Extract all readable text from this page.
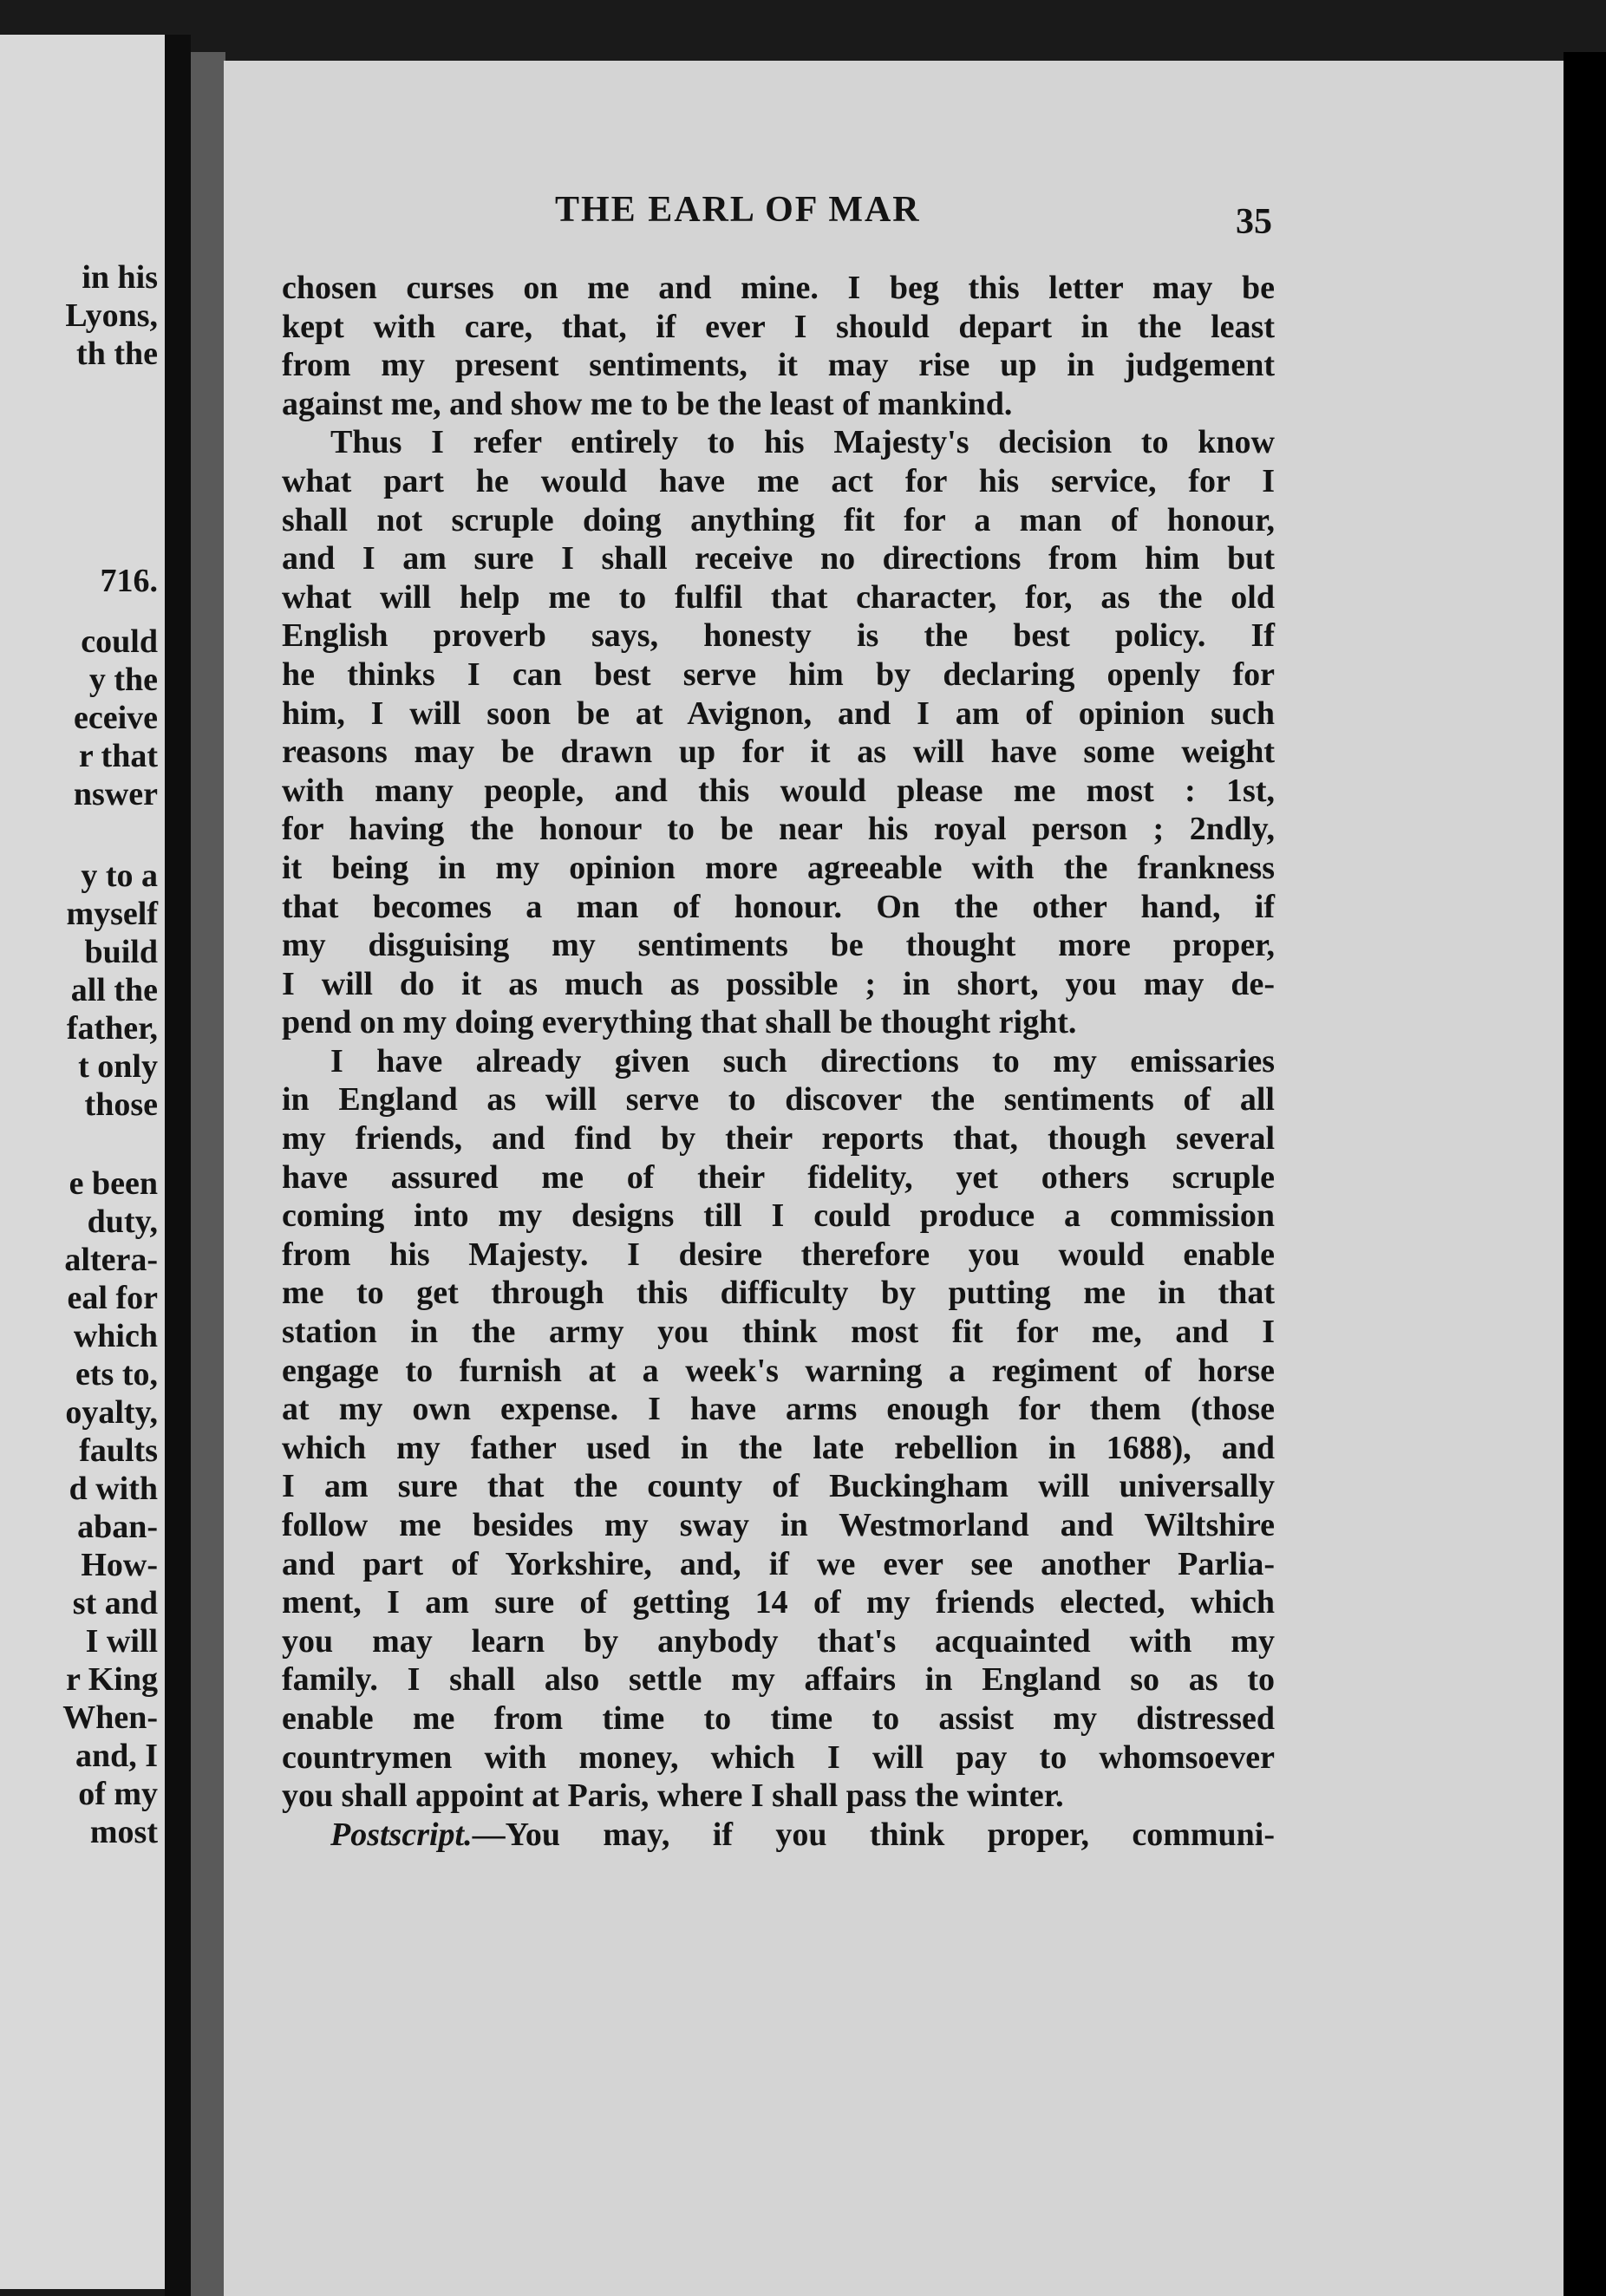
in his
Lyons,
th the
716.
could
y the
eceive
r that
nswer
y to a
myself
build
all the
father,
t only
those
e been
duty,
altera-
eal for
which
ets to,
oyalty,
faults
d with
aban-
How-
st and
I will
r King
When-
and, I
of my
most
THE EARL OF MAR	35
chosen curses on me and mine. I beg this letter may be
kept with care, that, if ever I should depart in the least
from my present sentiments, it may rise up in judgement
against me, and show me to be the least of mankind.
Thus I refer entirely to his Majesty's decision to know
what part he would have me act for his service, for I
shall not scruple doing anything fit for a man of honour,
and I am sure I shall receive no directions from him but
what will help me to fulfil that character, for, as the old
English proverb says, honesty is the best policy. If
he thinks I can best serve him by declaring openly for
him, I will soon be at Avignon, and I am of opinion such
reasons may be drawn up for it as will have some weight
with many people, and this would please me most : 1st,
for having the honour to be near his royal person ; 2ndly,
it being in my opinion more agreeable with the frankness
that becomes a man of honour. On the other hand, if
my disguising my sentiments be thought more proper,
I will do it as much as possible ; in short, you may de-
pend on my doing everything that shall be thought right.
I have already given such directions to my emissaries
in England as will serve to discover the sentiments of all
my friends, and find by their reports that, though several
have assured me of their fidelity, yet others scruple
coming into my designs till I could produce a commission
from his Majesty. I desire therefore you would enable
me to get through this difficulty by putting me in that
station in the army you think most fit for me, and I
engage to furnish at a week's warning a regiment of horse
at my own expense. I have arms enough for them (those
which my father used in the late rebellion in 1688), and
I am sure that the county of Buckingham will universally
follow me besides my sway in Westmorland and Wiltshire
and part of Yorkshire, and, if we ever see another Parlia-
ment, I am sure of getting 14 of my friends elected, which
you may learn by anybody that's acquainted with my
family. I shall also settle my affairs in England so as to
enable me from time to time to assist my distressed
countrymen with money, which I will pay to whomsoever
you shall appoint at Paris, where I shall pass the winter.
Postscript.—You may, if you think proper, communi-
